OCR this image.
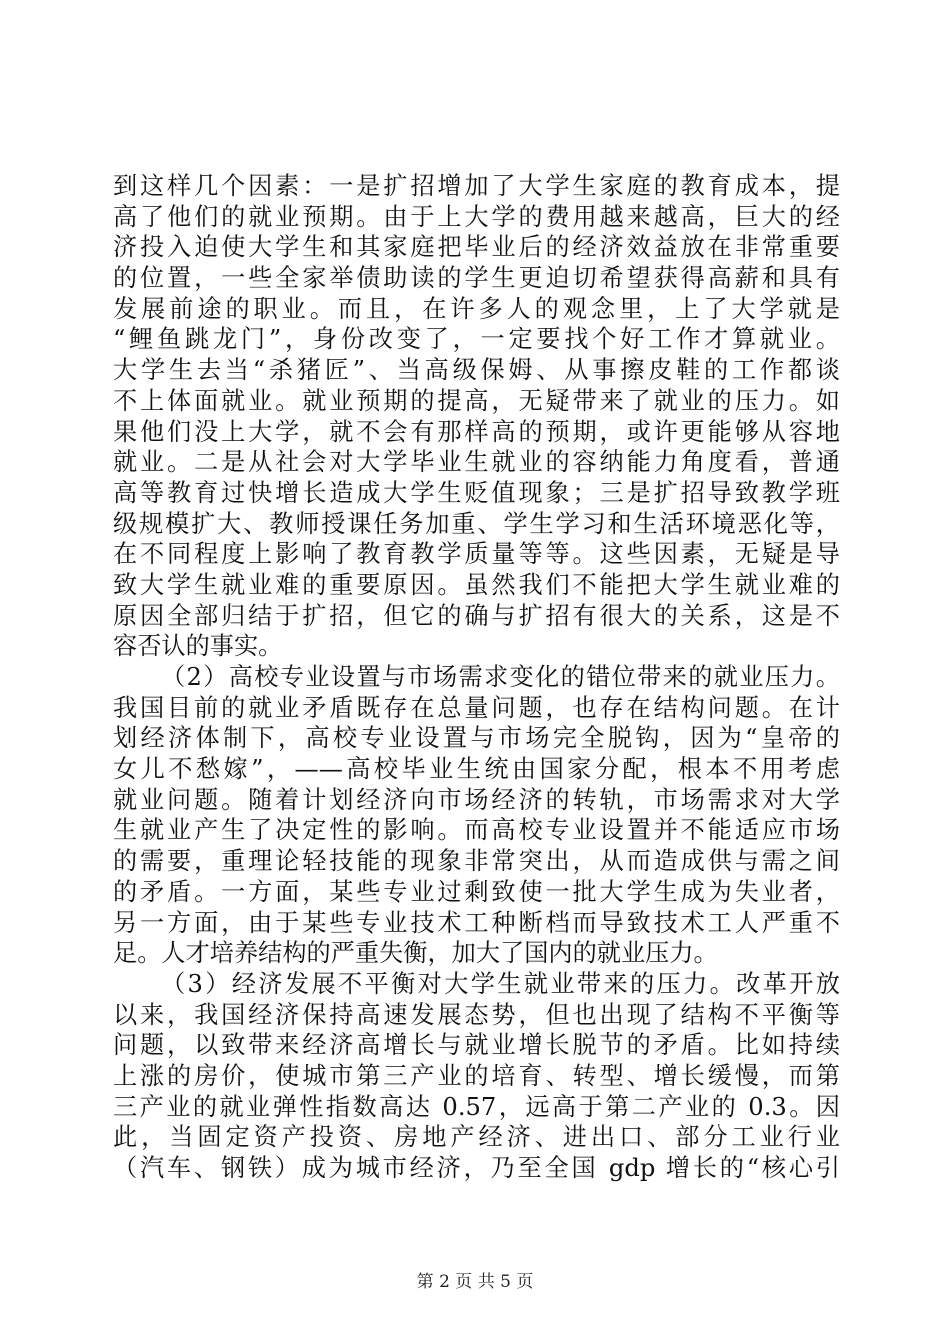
到这样几个因素：一是扩招增加了大学生家庭的教育成本，提
高了他们的就业预期。由于上大学的费用越来越高，巨大的经
济投入迫使大学生和其家庭把毕业后的经济效益放在非常重要
的位置，一些全家举债助读的学生更迫切希望获得高薪和具有
发展前途的职业。而且，在许多人的观念里，上了大学就是
“鲤鱼跳龙门”，身份改变了，一定要找个好工作才算就业。
大学生去当“杀猪匠”、当高级保姆、从事擦皮鞋的工作都谈
不上体面就业。就业预期的提高，无疑带来了就业的压力。如
果他们没上大学，就不会有那样高的预期，或许更能够从容地
就业。二是从社会对大学毕业生就业的容纳能力角度看，普通
高等教育过快增长造成大学生贬值现象；三是扩招导致教学班
级规模扩大、教师授课任务加重、学生学习和生活环境恶化等，
在不同程度上影响了教育教学质量等等。这些因素，无疑是导
致大学生就业难的重要原因。虽然我们不能把大学生就业难的
原因全部归结于扩招，但它的确与扩招有很大的关系，这是不
容否认的事实。
（2）高校专业设置与市场需求变化的错位带来的就业压力。
我国目前的就业矛盾既存在总量问题，也存在结构问题。在计
划经济体制下，高校专业设置与市场完全脱钩，因为“皇帝的
女儿不愁嫁”，——高校毕业生统由国家分配，根本不用考虑
就业问题。随着计划经济向市场经济的转轨，市场需求对大学
生就业产生了决定性的影响。而高校专业设置并不能适应市场
的需要，重理论轻技能的现象非常突出，从而造成供与需之间
的矛盾。一方面，某些专业过剩致使一批大学生成为失业者，
另一方面，由于某些专业技术工种断档而导致技术工人严重不
足。人才培养结构的严重失衡，加大了国内的就业压力。
（3）经济发展不平衡对大学生就业带来的压力。改革开放
以来，我国经济保持高速发展态势，但也出现了结构不平衡等
问题，以致带来经济高增长与就业增长脱节的矛盾。比如持续
上涨的房价，使城市第三产业的培育、转型、增长缓慢，而第
三产业的就业弹性指数高达 0.57，远高于第二产业的 0.3。因
此，当固定资产投资、房地产经济、进出口、部分工业行业
（汽车、钢铁）成为城市经济，乃至全国 gdp 增长的“核心引
第 2 页 共 5 页
